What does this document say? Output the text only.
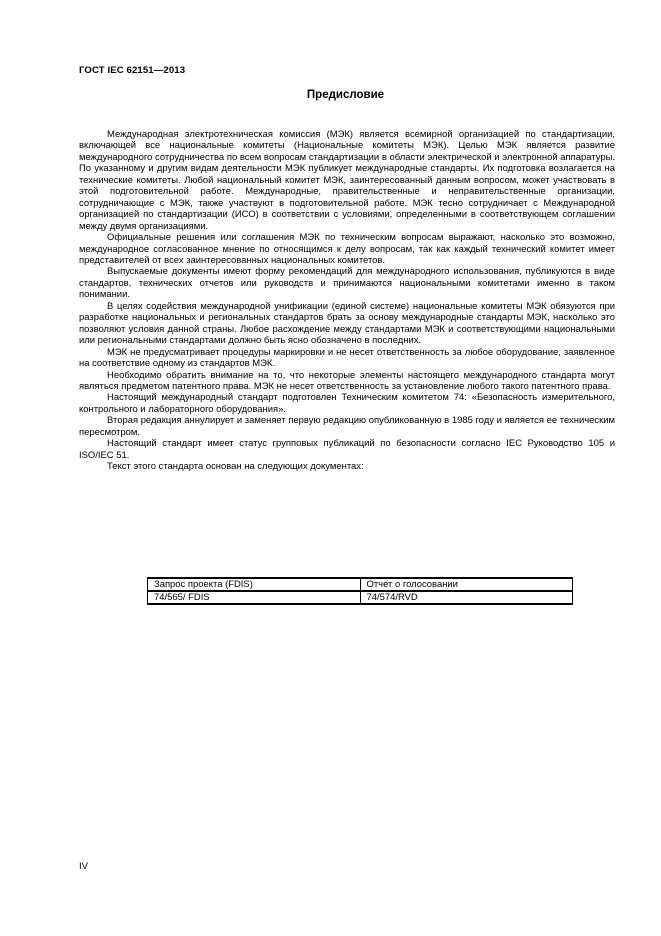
ГОСТ IEC 62151—2013
Предисловие

Международная электротехническая комиссия (МЭК) является всемирной организацией по стандартизации, включающей все национальные комитеты (Национальные комитеты МЭК). Целью МЭК является развитие международного сотрудничества по всем вопросам стандартизации в области электрической и электронной аппаратуры. По указанному и другим видам деятельности МЭК публикует международные стандарты. Их подготовка возлагается на технические комитеты. Любой национальный комитет МЭК, заинтересованный данным вопросом, может участвовать в этой подготовительной работе. Международные, правительственные и неправительственные организации, сотрудничающие с МЭК, также участвуют в подготовительной работе. МЭК тесно сотрудничает с Международной организацией по стандартизации (ИСО) в соответствии с условиями, определенными в соответствующем соглашении между двумя организациями.

Официальные решения или соглашения МЭК по техническим вопросам выражают, насколько это возможно, международное согласованное мнение по относящимся к делу вопросам, так как каждый технический комитет имеет представителей от всех заинтересованных национальных комитетов.

Выпускаемые документы имеют форму рекомендаций для международного использования, публикуются в виде стандартов, технических отчетов или руководств и принимаются национальными комитетами именно в таком понимании.

В целях содействия международной унификации (единой системе) национальные комитеты МЭК обязуются при разработке национальных и региональных стандартов брать за основу международные стандарты МЭК, насколько это позволяют условия данной страны. Любое расхождение между стандартами МЭК и соответствующими национальными или региональными стандартами должно быть ясно обозначено в последних.

МЭК не предусматривает процедуры маркировки и не несет ответственность за любое оборудование, заявленное на соответствие одному из стандартов МЭК.

Необходимо обратить внимание на то, что некоторые элементы настоящего международного стандарта могут являться предметом патентного права. МЭК не несет ответственность за установление любого такого патентного права.

Настоящий международный стандарт подготовлен Техническим комитетом 74: «Безопасность измерительного, контрольного и лабораторного оборудования».

Вторая редакция аннулирует и заменяет первую редакцию опубликованную в 1985 году и является ее техническим пересмотром.

Настоящий стандарт имеет статус групповых публикаций по безопасности согласно IEC Руководство 105 и ISO/IEC 51.

Текст этого стандарта основан на следующих документах:

Запрос проекта (FDIS)	Отчет о голосовании
74/565/ FDIS	74/574/RVD
IV
